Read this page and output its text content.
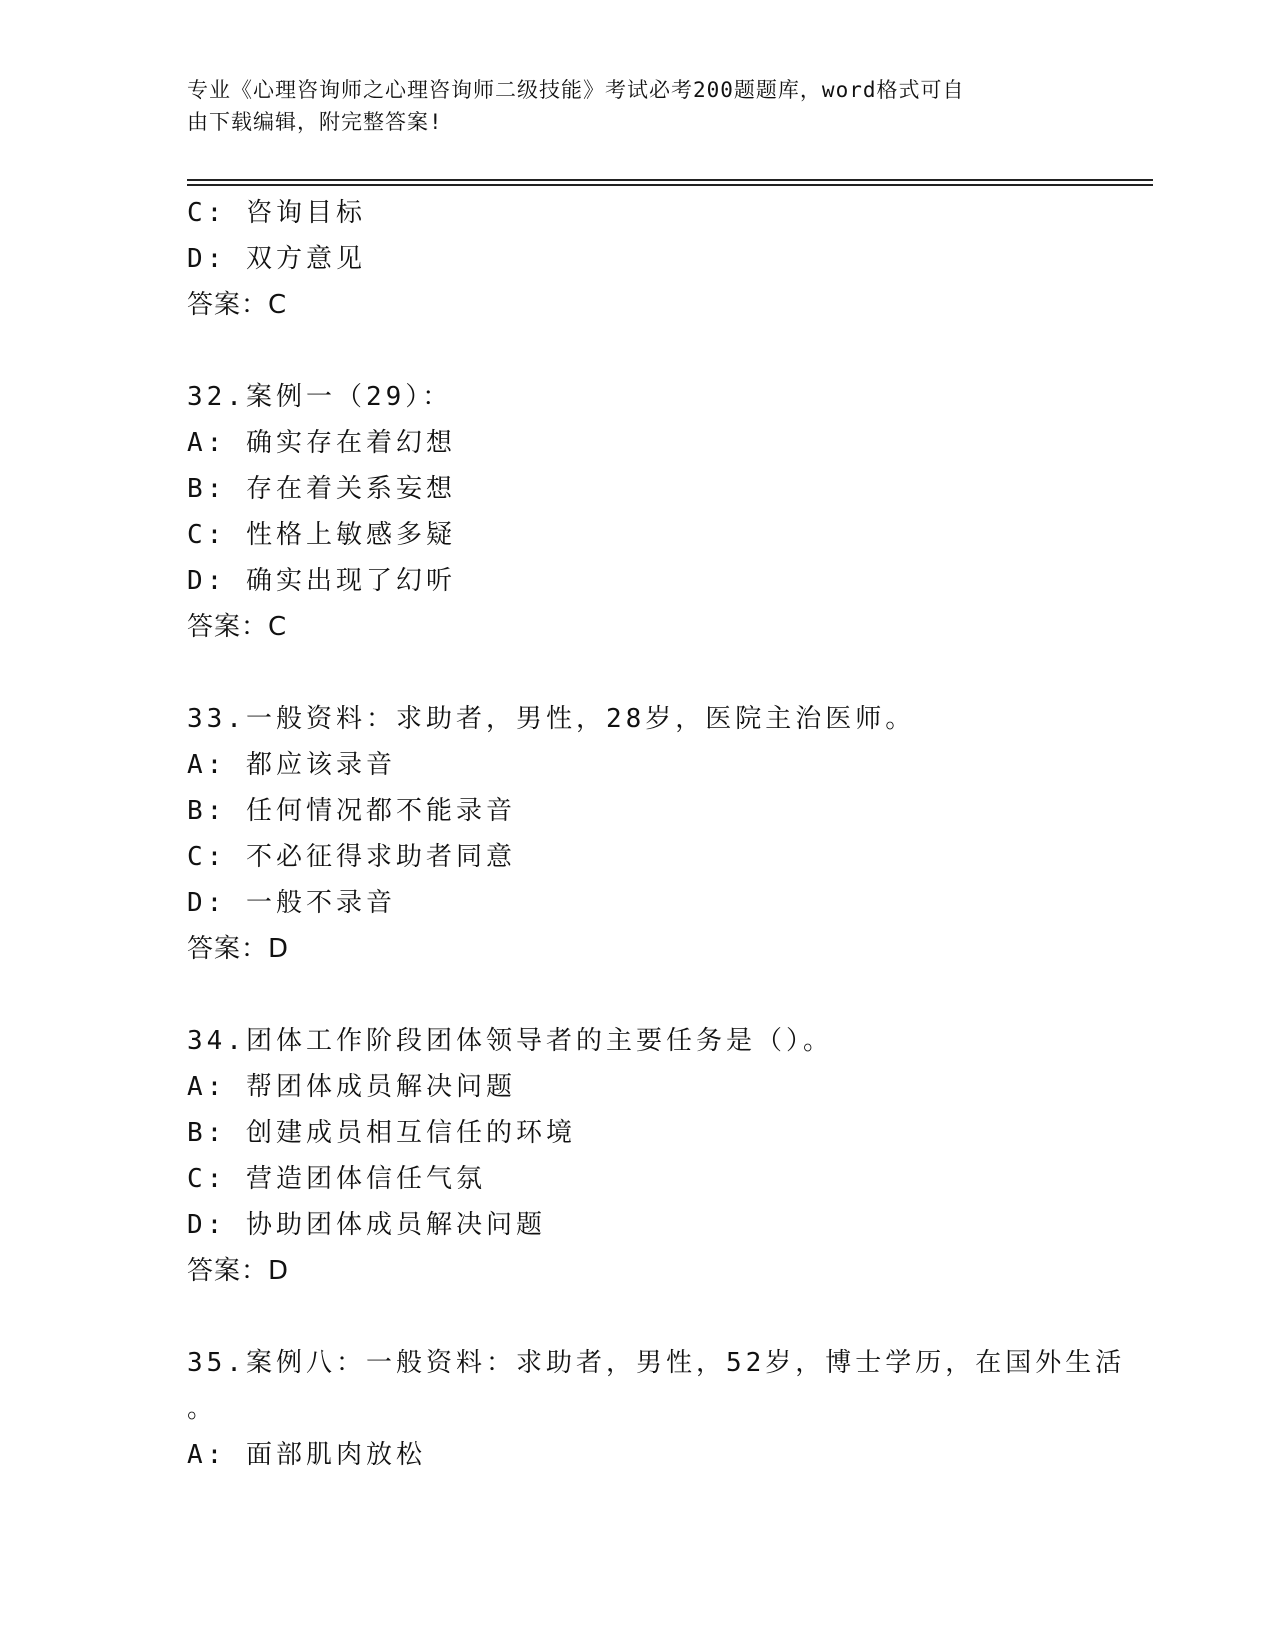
专业《心理咨询师之心理咨询师二级技能》考试必考200题题库，word格式可自
由下载编辑，附完整答案!
C: 咨询目标
D: 双方意见
答案：C
32.案例一（29）：
A: 确实存在着幻想
B: 存在着关系妄想
C: 性格上敏感多疑
D: 确实出现了幻听
答案：C
33.一般资料：求助者，男性，28岁，医院主治医师。
A: 都应该录音
B: 任何情况都不能录音
C: 不必征得求助者同意
D: 一般不录音
答案：D
34.团体工作阶段团体领导者的主要任务是（）。
A: 帮团体成员解决问题
B: 创建成员相互信任的环境
C: 营造团体信任气氛
D: 协助团体成员解决问题
答案：D
35.案例八：一般资料：求助者，男性，52岁，博士学历，在国外生活
。
A: 面部肌肉放松
